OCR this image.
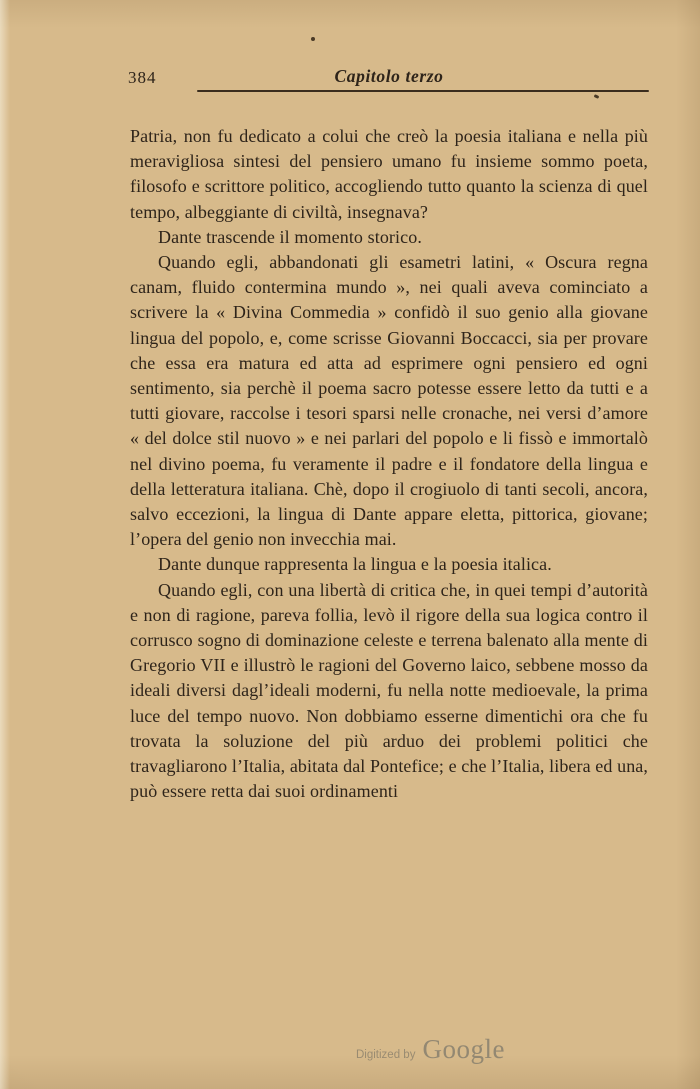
384	Capitolo terzo

Patria, non fu dedicato a colui che creò la poesia italiana e nella più meravigliosa sintesi del pensiero umano fu insieme sommo poeta, filosofo e scrittore politico, accogliendo tutto quanto la scienza di quel tempo, albeggiante di civiltà, insegnava?

Dante trascende il momento storico.

Quando egli, abbandonati gli esametri latini, « Oscura regna canam, fluido contermina mundo », nei quali aveva cominciato a scrivere la « Divina Commedia » confidò il suo genio alla giovane lingua del popolo, e, come scrisse Giovanni Boccacci, sia per provare che essa era matura ed atta ad esprimere ogni pensiero ed ogni sentimento, sia perchè il poema sacro potesse essere letto da tutti e a tutti giovare, raccolse i tesori sparsi nelle cronache, nei versi d’amore « del dolce stil nuovo » e nei parlari del popolo e li fissò e immortalò nel divino poema, fu veramente il padre e il fondatore della lingua e della letteratura italiana. Chè, dopo il crogiuolo di tanti secoli, ancora, salvo eccezioni, la lingua di Dante appare eletta, pittorica, giovane; l’opera del genio non invecchia mai.

Dante dunque rappresenta la lingua e la poesia italica.

Quando egli, con una libertà di critica che, in quei tempi d’autorità e non di ragione, pareva follia, levò il rigore della sua logica contro il corrusco sogno di dominazione celeste e terrena balenato alla mente di Gregorio VII e illustrò le ragioni del Governo laico, sebbene mosso da ideali diversi dagl’ideali moderni, fu nella notte medioevale, la prima luce del tempo nuovo. Non dobbiamo esserne dimentichi ora che fu trovata la soluzione del più arduo dei problemi politici che travagliarono l’Italia, abitata dal Pontefice; e che l’Italia, libera ed una, può essere retta dai suoi ordinamenti

Digitized by Google
